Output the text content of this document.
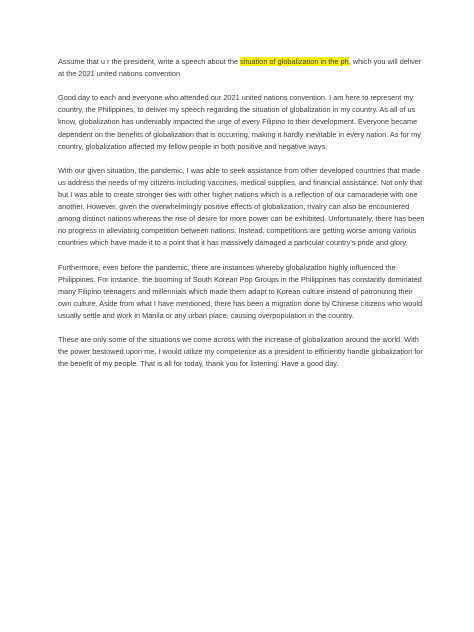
Assume that u r the president, write a speech about the situation of globalization in the ph, which you will deliver at the 2021 united nations convention

Good day to each and everyone who attended our 2021 united nations convention. I am here to represent my country, the Philippines, to deliver my speech regarding the situation of globalization in my country. As all of us know, globalization has undeniably impacted the urge of every Filipino to their development. Everyone became dependent on the benefits of globalization that is occurring, making it hardly inevitable in every nation. As for my country, globalization affected my fellow people in both positive and negative ways.

With our given situation, the pandemic, I was able to seek assistance from other developed countries that made us address the needs of my citizens including vaccines, medical supplies, and financial assistance. Not only that but I was able to create stronger ties with other higher nations which is a reflection of our camaraderie with one another. However, given the overwhelmingly positive effects of globalization, rivalry can also be encountered among distinct nations whereas the rise of desire for more power can be exhibited. Unfortunately, there has been no progress in alleviating competition between nations. Instead, competitions are getting worse among various countries which have made it to a point that it has massively damaged a particular country’s pride and glory.

Furthermore, even before the pandemic, there are instances whereby globalization highly influenced the Philippines. For instance, the booming of South Korean Pop Groups in the Philippines has constantly dominated many Filipino teenagers and millennials which made them adapt to Korean culture instead of patronizing their own culture. Aside from what I have mentioned, there has been a migration done by Chinese citizens who would usually settle and work in Manila or any urban place, causing overpopulation in the country.

These are only some of the situations we come across with the increase of globalization around the world. With the power bestowed upon me, I would utilize my competence as a president to efficiently handle globalization for the benefit of my people. That is all for today, thank you for listening. Have a good day.
